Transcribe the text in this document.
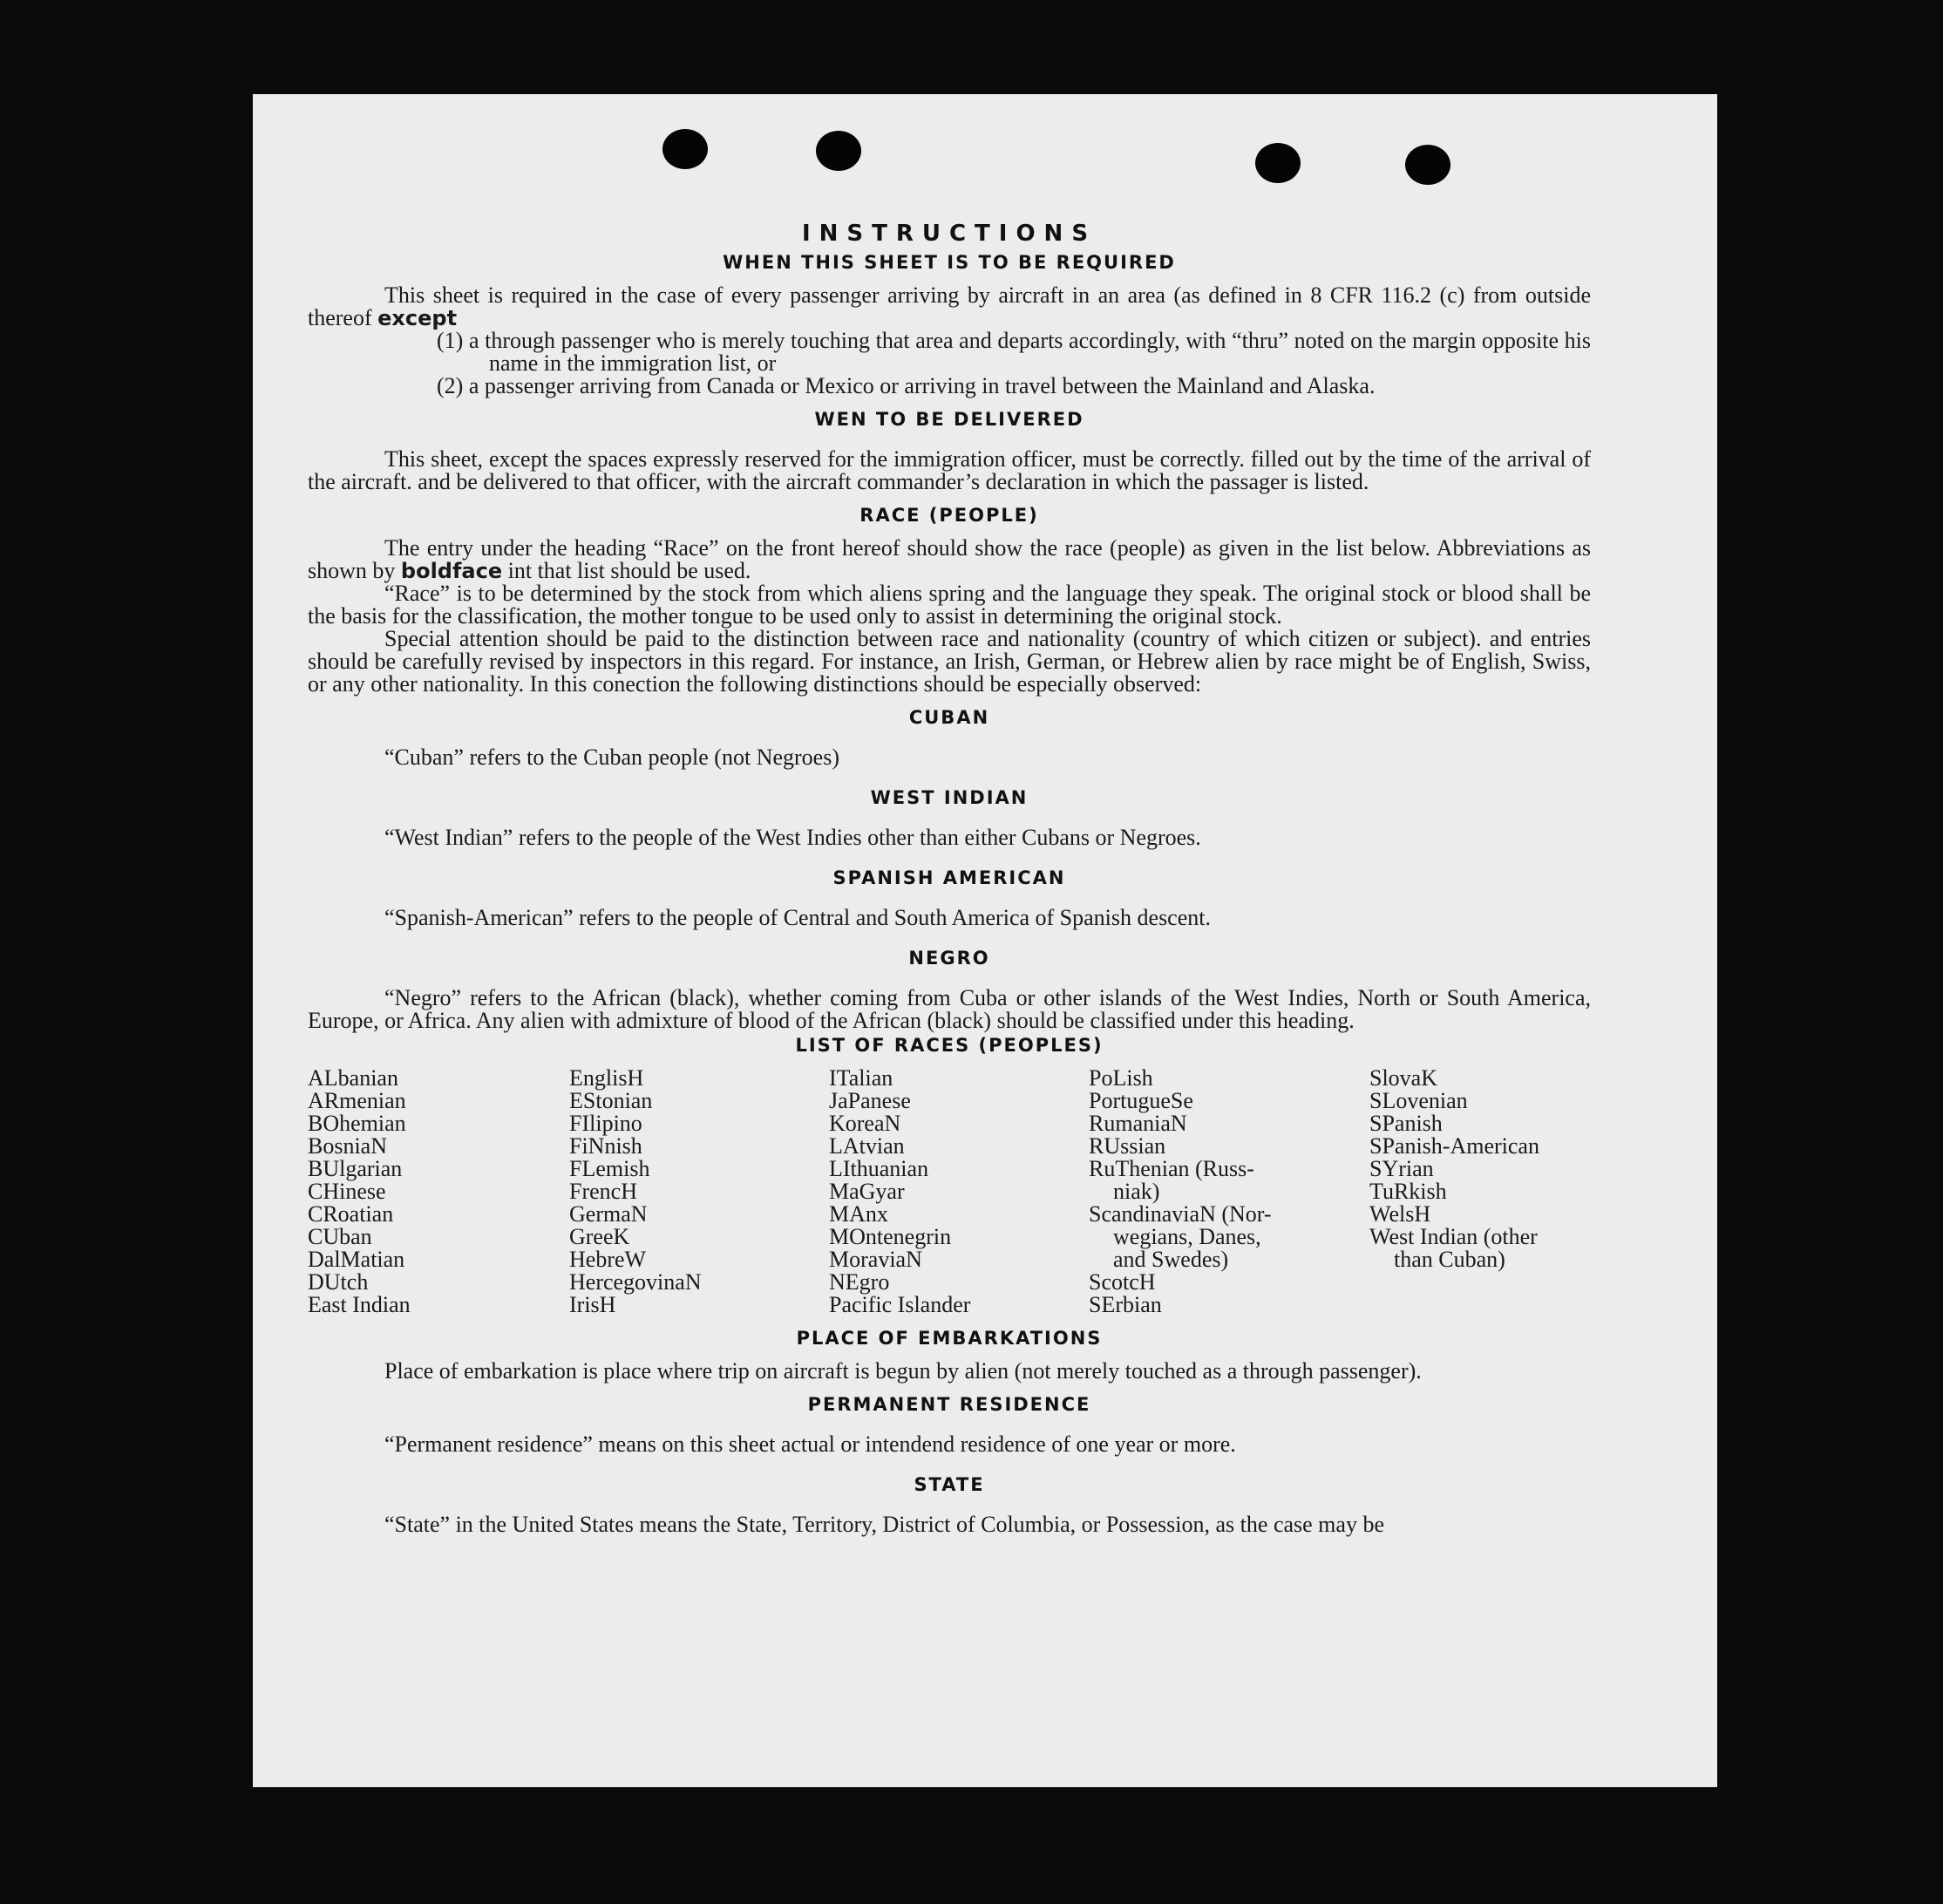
INSTRUCTIONS
WHEN THIS SHEET IS TO BE REQUIRED

This sheet is required in the case of every passenger arriving by aircraft in an area (as defined in 8 CFR 116.2 (c) from outside thereof except

(1) a through passenger who is merely touching that area and departs accordingly, with “thru” noted on the margin opposite his name in the immigration list, or

(2) a passenger arriving from Canada or Mexico or arriving in travel between the Mainland and Alaska.

WEN TO BE DELIVERED

This sheet, except the spaces expressly reserved for the immigration officer, must be correctly. filled out by the time of the arrival of the aircraft. and be delivered to that officer, with the aircraft commander’s declaration in which the passager is listed.

RACE (PEOPLE)

The entry under the heading “Race” on the front hereof should show the race (people) as given in the list below. Abbreviations as shown by boldface int that list should be used.

“Race” is to be determined by the stock from which aliens spring and the language they speak. The original stock or blood shall be the basis for the classification, the mother tongue to be used only to assist in determining the original stock.

Special attention should be paid to the distinction between race and nationality (country of which citizen or subject). and entries should be carefully revised by inspectors in this regard. For instance, an Irish, German, or Hebrew alien by race might be of English, Swiss, or any other nationality. In this conection the following distinctions should be especially observed:

CUBAN

“Cuban” refers to the Cuban people (not Negroes)

WEST INDIAN

“West Indian” refers to the people of the West Indies other than either Cubans or Negroes.

SPANISH AMERICAN

“Spanish-American” refers to the people of Central and South America of Spanish descent.

NEGRO

“Negro” refers to the African (black), whether coming from Cuba or other islands of the West Indies, North or South America, Europe, or Africa. Any alien with admixture of blood of the African (black) should be classified under this heading.

LIST OF RACES (PEOPLES)
ALbanian
ARmenian
BOhemian
BosniaN
BUlgarian
CHinese
CRoatian
CUban
DalMatian
DUtch
East Indian
EnglisH
EStonian
FIlipino
FiNnish
FLemish
FrencH
GermaN
GreeK
HebreW
HercegovinaN
IrisH
ITalian
JaPanese
KoreaN
LAtvian
LIthuanian
MaGyar
MAnx
MOntenegrin
MoraviaN
NEgro
Pacific Islander
PoLish
PortugueSe
RumaniaN
RUssian
RuThenian (Russ-
niak)
ScandinaviaN (Nor-
wegians, Danes,
and Swedes)
ScotcH
SErbian
SlovaK
SLovenian
SPanish
SPanish-American
SYrian
TuRkish
WelsH
West Indian (other
than Cuban)
PLACE OF EMBARKATIONS

Place of embarkation is place where trip on aircraft is begun by alien (not merely touched as a through passenger).

PERMANENT RESIDENCE

“Permanent residence” means on this sheet actual or intendend residence of one year or more.

STATE

“State” in the United States means the State, Territory, District of Columbia, or Possession, as the case may be
